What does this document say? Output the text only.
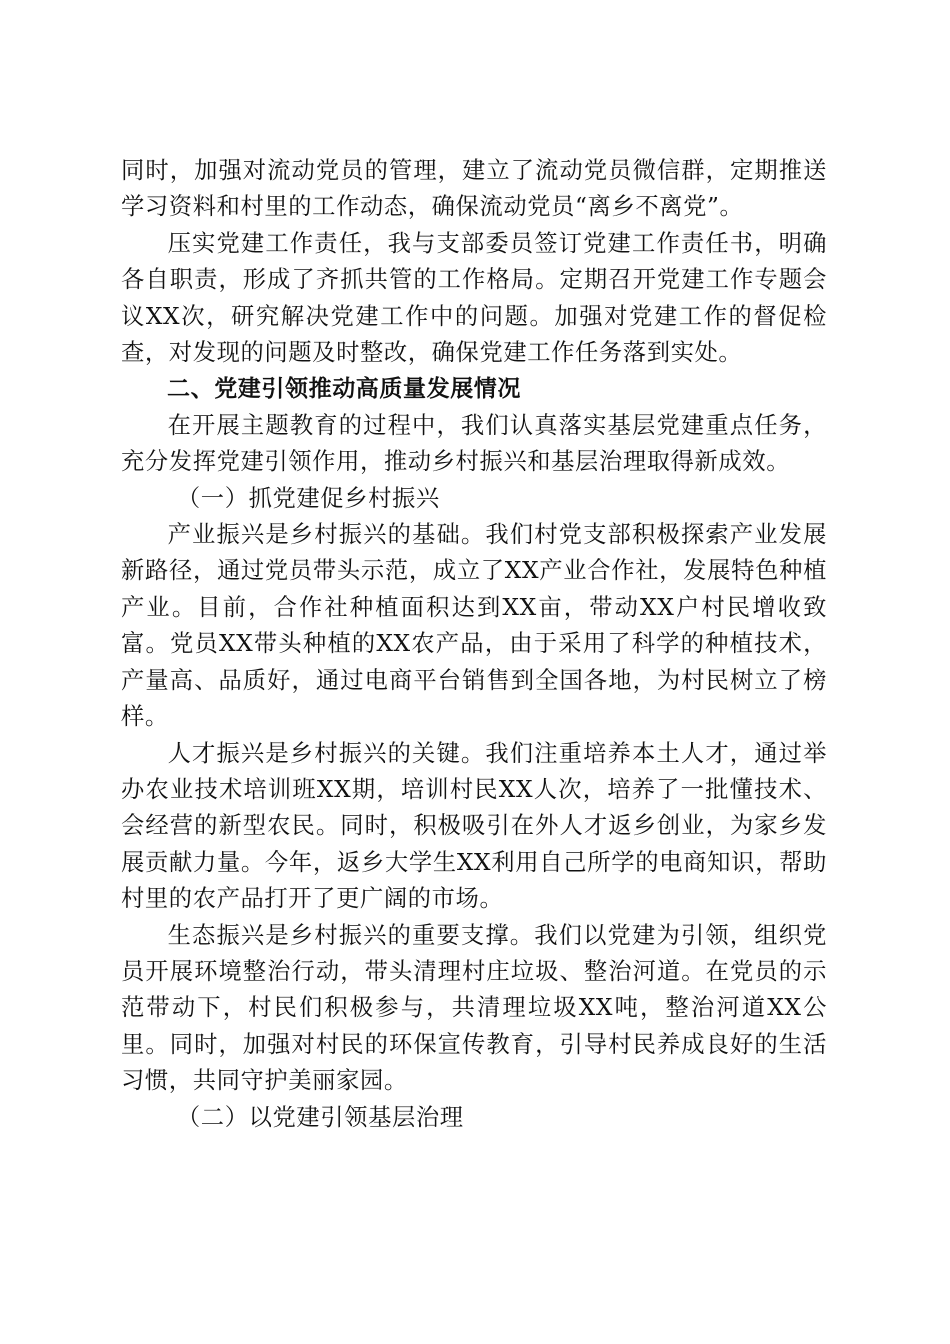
同时，加强对流动党员的管理，建立了流动党员微信群，定期推送学习资料和村里的工作动态，确保流动党员“离乡不离党”。

压实党建工作责任，我与支部委员签订党建工作责任书，明确各自职责，形成了齐抓共管的工作格局。定期召开党建工作专题会议XX次，研究解决党建工作中的问题。加强对党建工作的督促检查，对发现的问题及时整改，确保党建工作任务落到实处。

二、党建引领推动高质量发展情况

在开展主题教育的过程中，我们认真落实基层党建重点任务，充分发挥党建引领作用，推动乡村振兴和基层治理取得新成效。

（一）抓党建促乡村振兴

产业振兴是乡村振兴的基础。我们村党支部积极探索产业发展新路径，通过党员带头示范，成立了XX产业合作社，发展特色种植产业。目前，合作社种植面积达到XX亩，带动XX户村民增收致富。党员XX带头种植的XX农产品，由于采用了科学的种植技术，产量高、品质好，通过电商平台销售到全国各地，为村民树立了榜样。

人才振兴是乡村振兴的关键。我们注重培养本土人才，通过举办农业技术培训班XX期，培训村民XX人次，培养了一批懂技术、会经营的新型农民。同时，积极吸引在外人才返乡创业，为家乡发展贡献力量。今年，返乡大学生XX利用自己所学的电商知识，帮助村里的农产品打开了更广阔的市场。

生态振兴是乡村振兴的重要支撑。我们以党建为引领，组织党员开展环境整治行动，带头清理村庄垃圾、整治河道。在党员的示范带动下，村民们积极参与，共清理垃圾XX吨，整治河道XX公里。同时，加强对村民的环保宣传教育，引导村民养成良好的生活习惯，共同守护美丽家园。

（二）以党建引领基层治理
